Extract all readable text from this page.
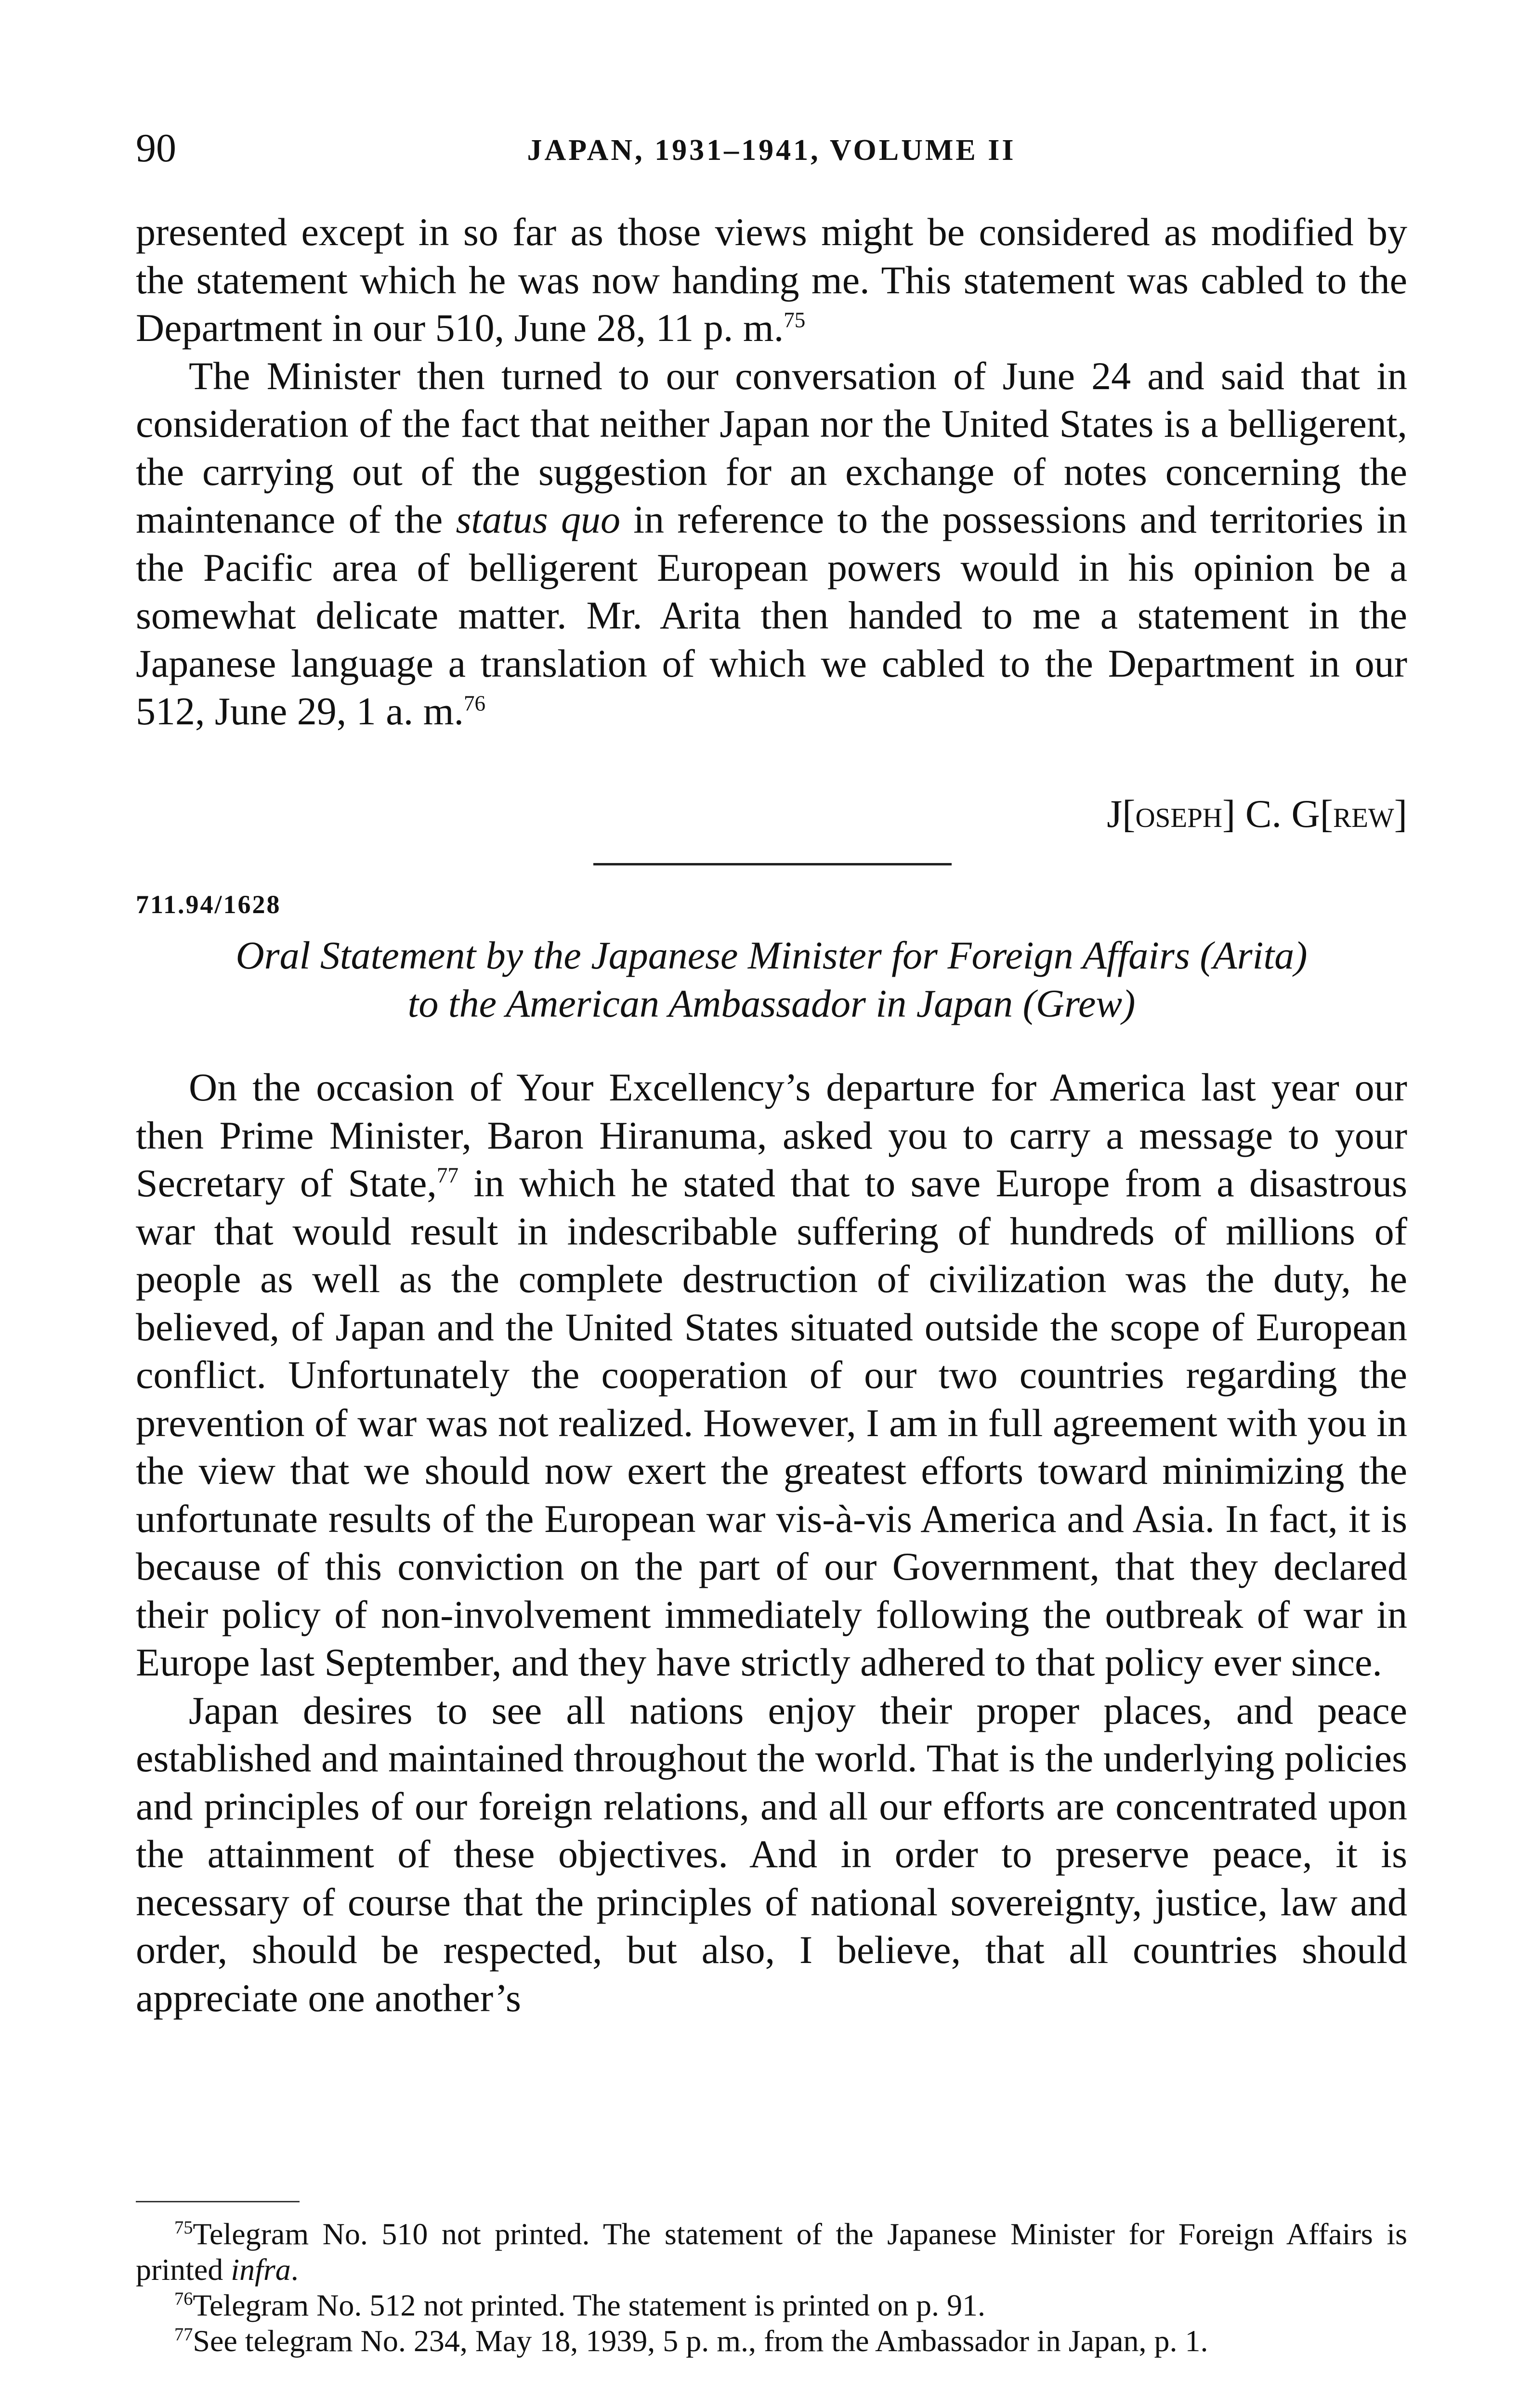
90	JAPAN, 1931–1941, VOLUME II

presented except in so far as those views might be considered as modified by the statement which he was now handing me. This statement was cabled to the Department in our 510, June 28, 11 p. m.$^{75}$

The Minister then turned to our conversation of June 24 and said that in consideration of the fact that neither Japan nor the United States is a belligerent, the carrying out of the suggestion for an exchange of notes concerning the maintenance of the status quo in reference to the possessions and territories in the Pacific area of belligerent European powers would in his opinion be a somewhat delicate matter. Mr. Arita then handed to me a statement in the Japanese language a translation of which we cabled to the Department in our 512, June 29, 1 a. m.$^{76}$

J[oseph] C. G[rew]
711.94/1628
Oral Statement by the Japanese Minister for Foreign Affairs (Arita)
to the American Ambassador in Japan (Grew)

On the occasion of Your Excellency’s departure for America last year our then Prime Minister, Baron Hiranuma, asked you to carry a message to your Secretary of State,$^{77}$ in which he stated that to save Europe from a disastrous war that would result in indescribable suffering of hundreds of millions of people as well as the complete destruction of civilization was the duty, he believed, of Japan and the United States situated outside the scope of European conflict. Unfortunately the cooperation of our two countries regarding the prevention of war was not realized. However, I am in full agreement with you in the view that we should now exert the greatest efforts toward minimizing the unfortunate results of the European war vis-à-vis America and Asia. In fact, it is because of this conviction on the part of our Government, that they declared their policy of non-involvement immediately following the outbreak of war in Europe last September, and they have strictly adhered to that policy ever since.

Japan desires to see all nations enjoy their proper places, and peace established and maintained throughout the world. That is the underlying policies and principles of our foreign relations, and all our efforts are concentrated upon the attainment of these objectives. And in order to preserve peace, it is necessary of course that the principles of national sovereignty, justice, law and order, should be respected, but also, I believe, that all countries should appreciate one another’s

$^{75}$Telegram No. 510 not printed. The statement of the Japanese Minister for Foreign Affairs is printed infra.

$^{76}$Telegram No. 512 not printed. The statement is printed on p. 91.

$^{77}$See telegram No. 234, May 18, 1939, 5 p. m., from the Ambassador in Japan, p. 1.
